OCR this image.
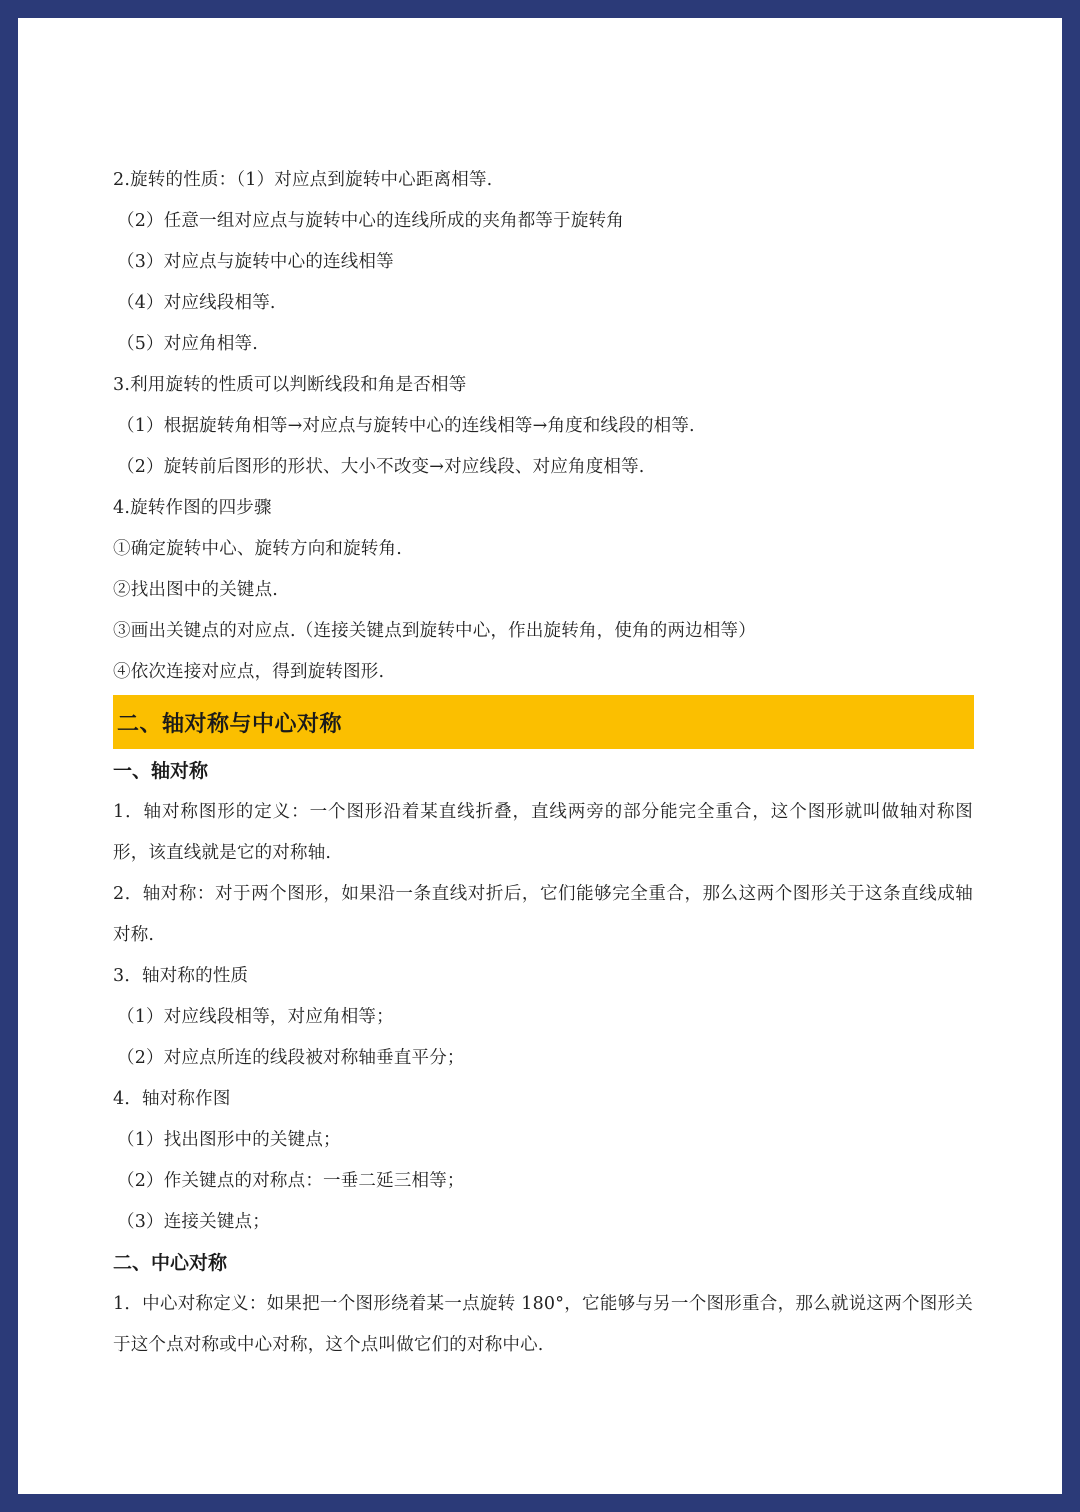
2.旋转的性质：（1）对应点到旋转中心距离相等.
（2）任意一组对应点与旋转中心的连线所成的夹角都等于旋转角
（3）对应点与旋转中心的连线相等
（4）对应线段相等.
（5）对应角相等.
3.利用旋转的性质可以判断线段和角是否相等
（1）根据旋转角相等→对应点与旋转中心的连线相等→角度和线段的相等.
（2）旋转前后图形的形状、大小不改变→对应线段、对应角度相等.
4.旋转作图的四步骤
①确定旋转中心、旋转方向和旋转角.
②找出图中的关键点.
③画出关键点的对应点.（连接关键点到旋转中心，作出旋转角，使角的两边相等）
④依次连接对应点，得到旋转图形.
二、轴对称与中心对称
一、轴对称
1．轴对称图形的定义：一个图形沿着某直线折叠，直线两旁的部分能完全重合，这个图形就叫做轴对称图形，该直线就是它的对称轴.
2．轴对称：对于两个图形，如果沿一条直线对折后，它们能够完全重合，那么这两个图形关于这条直线成轴对称.
3．轴对称的性质
（1）对应线段相等，对应角相等；
（2）对应点所连的线段被对称轴垂直平分；
4．轴对称作图
（1）找出图形中的关键点；
（2）作关键点的对称点：一垂二延三相等；
（3）连接关键点；
二、中心对称
1．中心对称定义：如果把一个图形绕着某一点旋转 180°，它能够与另一个图形重合，那么就说这两个图形关于这个点对称或中心对称，这个点叫做它们的对称中心.
